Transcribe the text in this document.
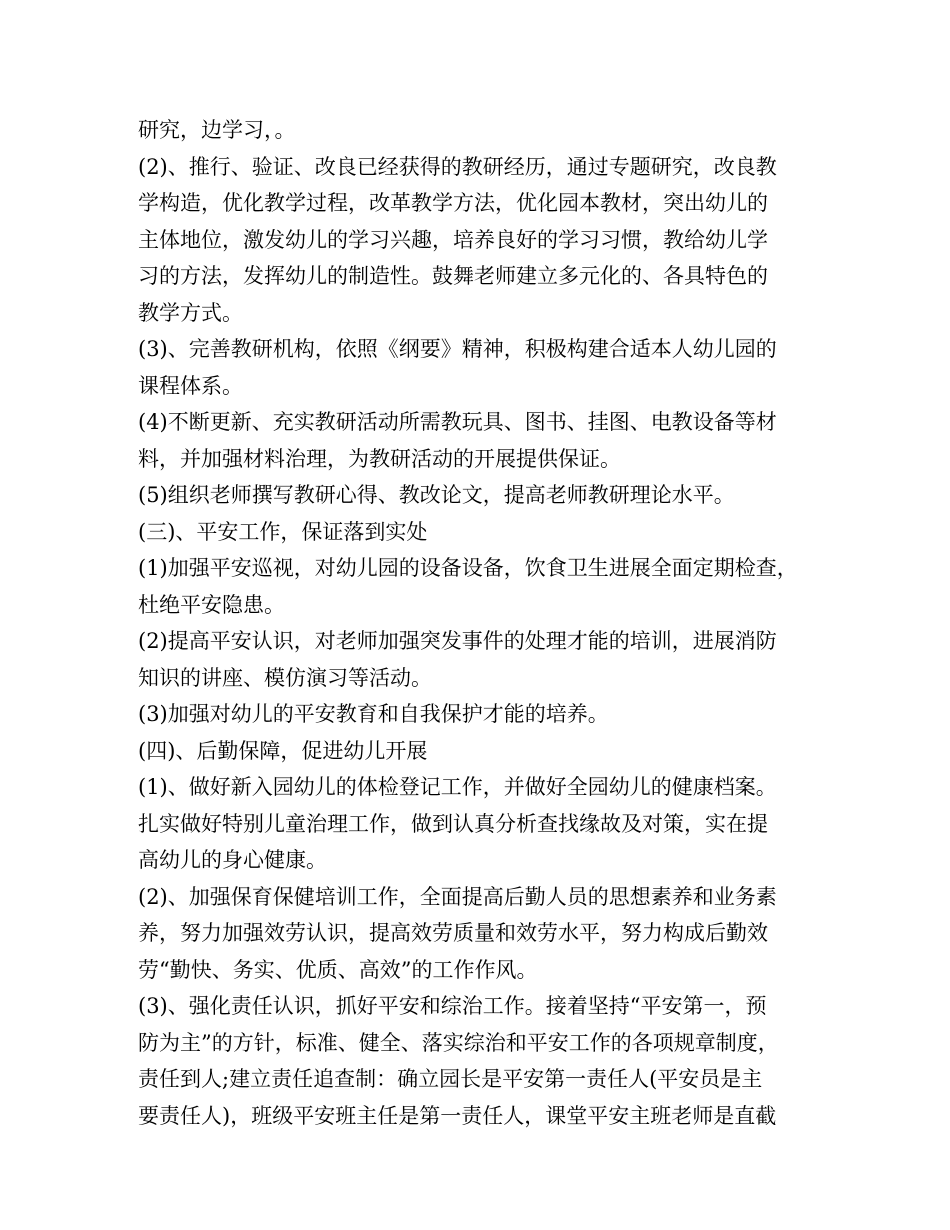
研究，边学习，。
(2)、推行、验证、改良已经获得的教研经历，通过专题研究，改良教
学构造，优化教学过程，改革教学方法，优化园本教材，突出幼儿的
主体地位，激发幼儿的学习兴趣，培养良好的学习习惯，教给幼儿学
习的方法，发挥幼儿的制造性。鼓舞老师建立多元化的、各具特色的
教学方式。
(3)、完善教研机构，依照《纲要》精神，积极构建合适本人幼儿园的
课程体系。
(4)不断更新、充实教研活动所需教玩具、图书、挂图、电教设备等材
料，并加强材料治理，为教研活动的开展提供保证。
(5)组织老师撰写教研心得、教改论文，提高老师教研理论水平。
(三)、平安工作，保证落到实处
(1)加强平安巡视，对幼儿园的设备设备，饮食卫生进展全面定期检查，
杜绝平安隐患。
(2)提高平安认识，对老师加强突发事件的处理才能的培训，进展消防
知识的讲座、模仿演习等活动。
(3)加强对幼儿的平安教育和自我保护才能的培养。
(四)、后勤保障，促进幼儿开展
(1)、做好新入园幼儿的体检登记工作，并做好全园幼儿的健康档案。
扎实做好特别儿童治理工作，做到认真分析查找缘故及对策，实在提
高幼儿的身心健康。
(2)、加强保育保健培训工作，全面提高后勤人员的思想素养和业务素
养，努力加强效劳认识，提高效劳质量和效劳水平，努力构成后勤效
劳“勤快、务实、优质、高效”的工作作风。
(3)、强化责任认识，抓好平安和综治工作。接着坚持“平安第一，预
防为主”的方针，标准、健全、落实综治和平安工作的各项规章制度，
责任到人;建立责任追查制：确立园长是平安第一责任人(平安员是主
要责任人)，班级平安班主任是第一责任人，课堂平安主班老师是直截
